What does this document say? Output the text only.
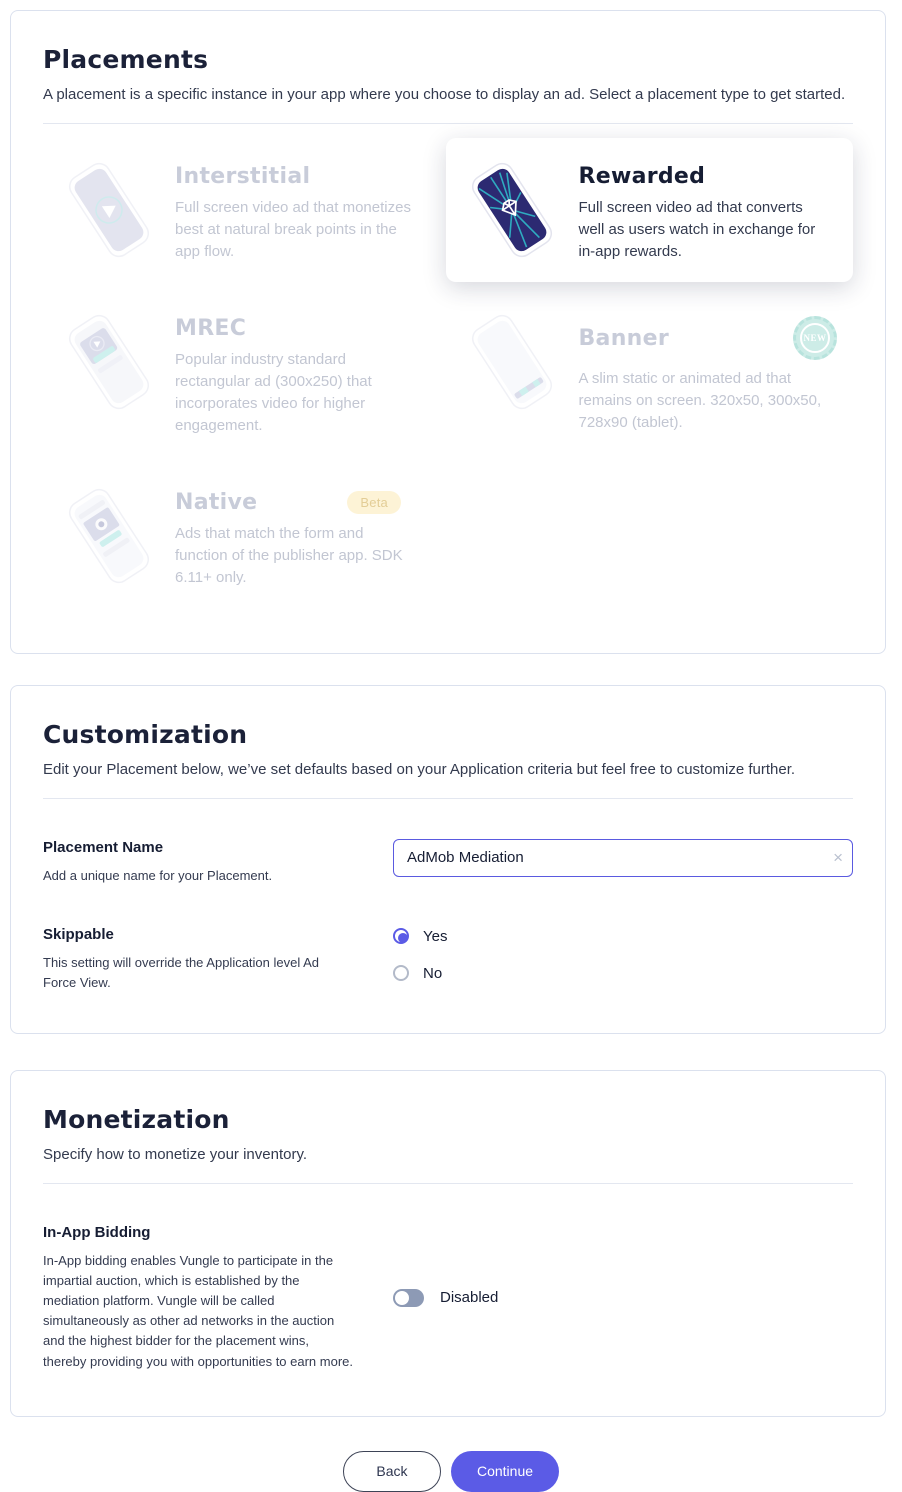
Placements

A placement is a specific instance in your app where you choose to display an ad. Select a placement type to get started.

Interstitial
Full screen video ad that monetizes best at natural break points in the app flow.
Rewarded
Full screen video ad that converts well as users watch in exchange for in-app rewards.
MREC
Popular industry standard rectangular ad (300x250) that incorporates video for higher engagement.
Banner	NEW
A slim static or animated ad that remains on screen. 320x50, 300x50, 728x90 (tablet).
Native	Beta
Ads that match the form and function of the publisher app. SDK 6.11+ only.
Customization

Edit your Placement below, we’ve set defaults based on your Application criteria but feel free to customize further.

Placement Name
Add a unique name for your Placement.
AdMob Mediation
×
Skippable
This setting will override the Application level Ad Force View.
Yes
No
Monetization

Specify how to monetize your inventory.

In-App Bidding
In-App bidding enables Vungle to participate in the impartial auction, which is established by the mediation platform. Vungle will be called simultaneously as other ad networks in the auction and the highest bidder for the placement wins, thereby providing you with opportunities to earn more.
Disabled
Back	Continue
